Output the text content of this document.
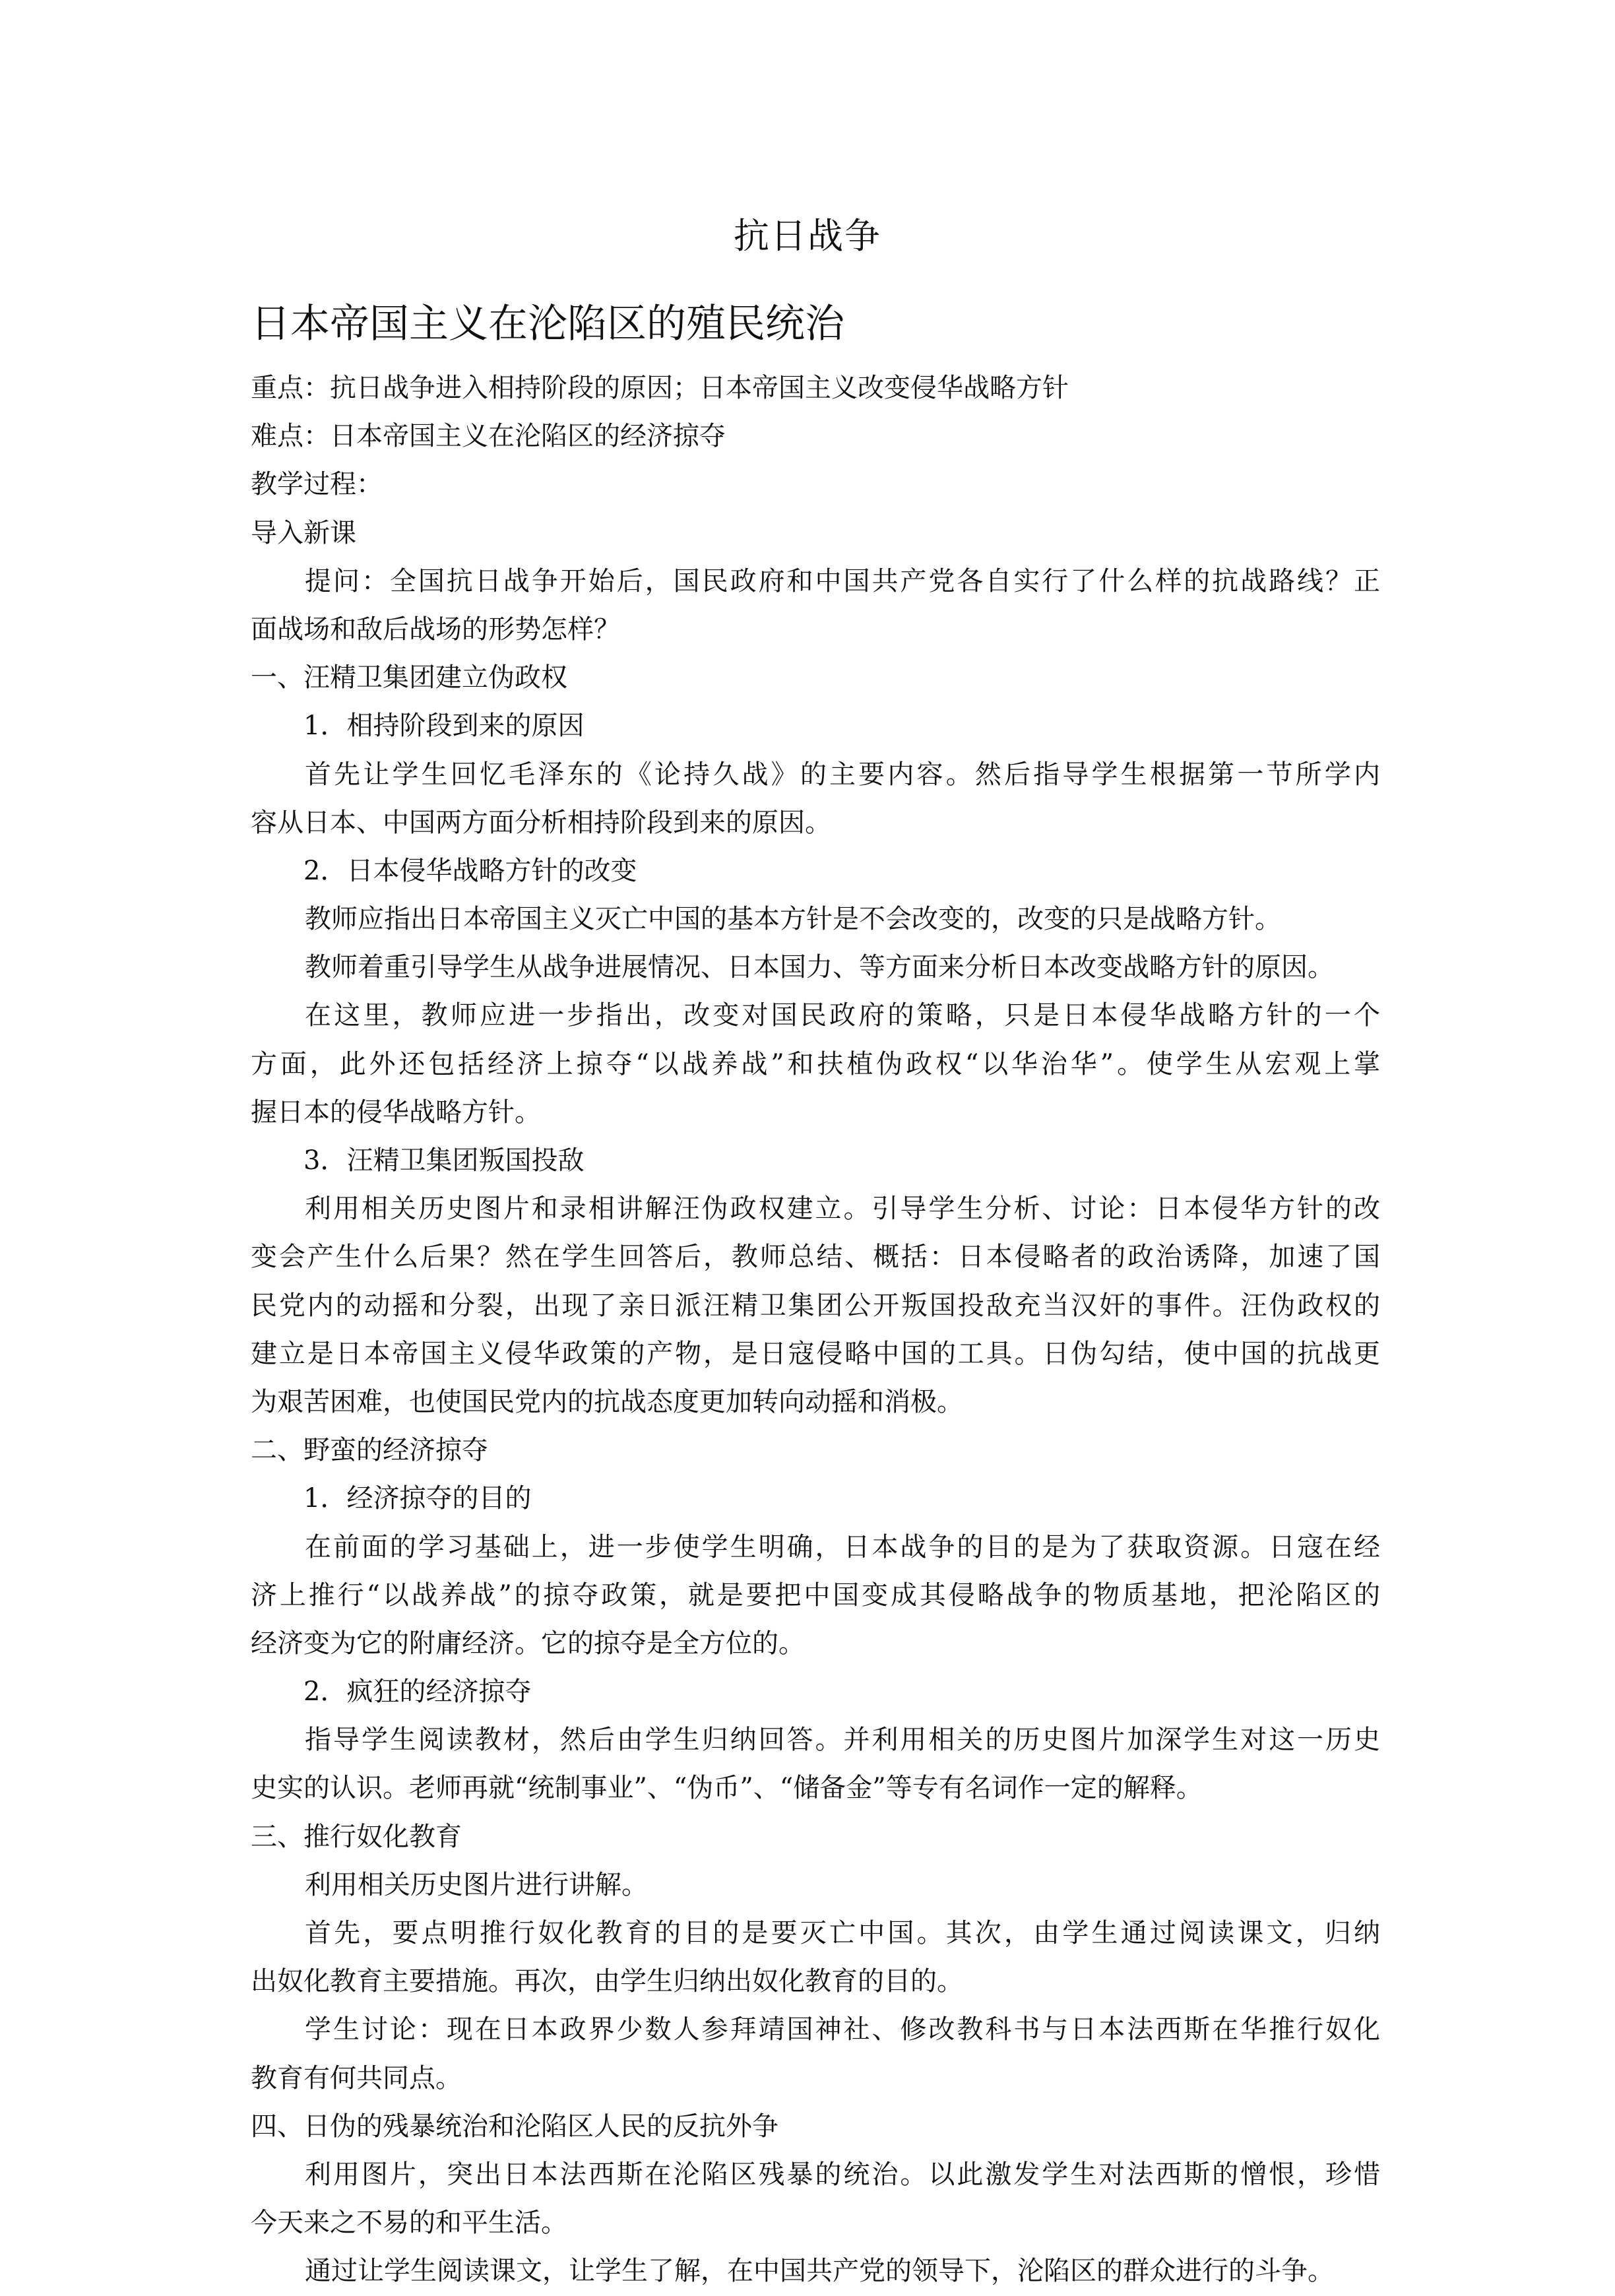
抗日战争
日本帝国主义在沦陷区的殖民统治
重点：抗日战争进入相持阶段的原因；日本帝国主义改变侵华战略方针
难点：日本帝国主义在沦陷区的经济掠夺
教学过程：
导入新课
提问：全国抗日战争开始后，国民政府和中国共产党各自实行了什么样的抗战路线？正
面战场和敌后战场的形势怎样？
一、汪精卫集团建立伪政权
1．相持阶段到来的原因
首先让学生回忆毛泽东的《论持久战》的主要内容。然后指导学生根据第一节所学内
容从日本、中国两方面分析相持阶段到来的原因。
2．日本侵华战略方针的改变
教师应指出日本帝国主义灭亡中国的基本方针是不会改变的，改变的只是战略方针。
教师着重引导学生从战争进展情况、日本国力、等方面来分析日本改变战略方针的原因。
在这里，教师应进一步指出，改变对国民政府的策略，只是日本侵华战略方针的一个
方面，此外还包括经济上掠夺“以战养战”和扶植伪政权“以华治华”。使学生从宏观上掌
握日本的侵华战略方针。
3．汪精卫集团叛国投敌
利用相关历史图片和录相讲解汪伪政权建立。引导学生分析、讨论：日本侵华方针的改
变会产生什么后果？然在学生回答后，教师总结、概括：日本侵略者的政治诱降，加速了国
民党内的动摇和分裂，出现了亲日派汪精卫集团公开叛国投敌充当汉奸的事件。汪伪政权的
建立是日本帝国主义侵华政策的产物，是日寇侵略中国的工具。日伪勾结，使中国的抗战更
为艰苦困难，也使国民党内的抗战态度更加转向动摇和消极。
二、野蛮的经济掠夺
1．经济掠夺的目的
在前面的学习基础上，进一步使学生明确，日本战争的目的是为了获取资源。日寇在经
济上推行“以战养战”的掠夺政策，就是要把中国变成其侵略战争的物质基地，把沦陷区的
经济变为它的附庸经济。它的掠夺是全方位的。
2．疯狂的经济掠夺
指导学生阅读教材，然后由学生归纳回答。并利用相关的历史图片加深学生对这一历史
史实的认识。老师再就“统制事业”、“伪币”、“储备金”等专有名词作一定的解释。
三、推行奴化教育
利用相关历史图片进行讲解。
首先，要点明推行奴化教育的目的是要灭亡中国。其次，由学生通过阅读课文，归纳
出奴化教育主要措施。再次，由学生归纳出奴化教育的目的。
学生讨论：现在日本政界少数人参拜靖国神社、修改教科书与日本法西斯在华推行奴化
教育有何共同点。
四、日伪的残暴统治和沦陷区人民的反抗外争
利用图片，突出日本法西斯在沦陷区残暴的统治。以此激发学生对法西斯的憎恨，珍惜
今天来之不易的和平生活。
通过让学生阅读课文，让学生了解，在中国共产党的领导下，沦陷区的群众进行的斗争。
